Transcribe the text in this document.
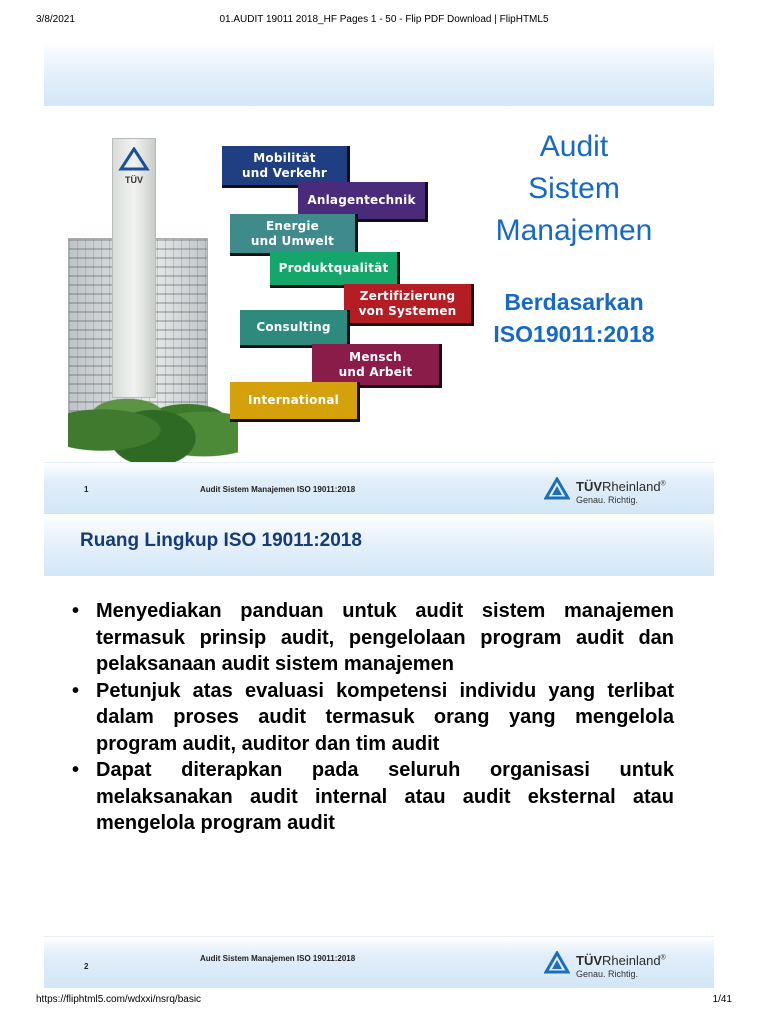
3/8/2021	01.AUDIT 19011 2018_HF Pages 1 - 50 - Flip PDF Download | FlipHTML5
TÜV
Mobilität
und Verkehr
Anlagentechnik
Energie
und Umwelt
Produktqualität
Zertifizierung
von Systemen
Consulting
Mensch
und Arbeit
International
Audit
Sistem
Manajemen
Berdasarkan
ISO19011:2018
1	Audit Sistem Manajemen ISO 19011:2018	TÜVRheinland®
Genau. Richtig.
Ruang Lingkup ISO 19011:2018
• Menyediakan panduan untuk audit sistem manajemen termasuk prinsip audit, pengelolaan program audit dan pelaksanaan audit sistem manajemen
• Petunjuk atas evaluasi kompetensi individu yang terlibat dalam proses audit termasuk orang yang mengelola program audit, auditor dan tim audit
• Dapat diterapkan pada seluruh organisasi untuk melaksanakan audit internal atau audit eksternal atau mengelola program audit
2
Audit Sistem Manajemen ISO 19011:2018	TÜVRheinland®
Genau. Richtig.
https://fliphtml5.com/wdxxi/nsrq/basic	1/41
